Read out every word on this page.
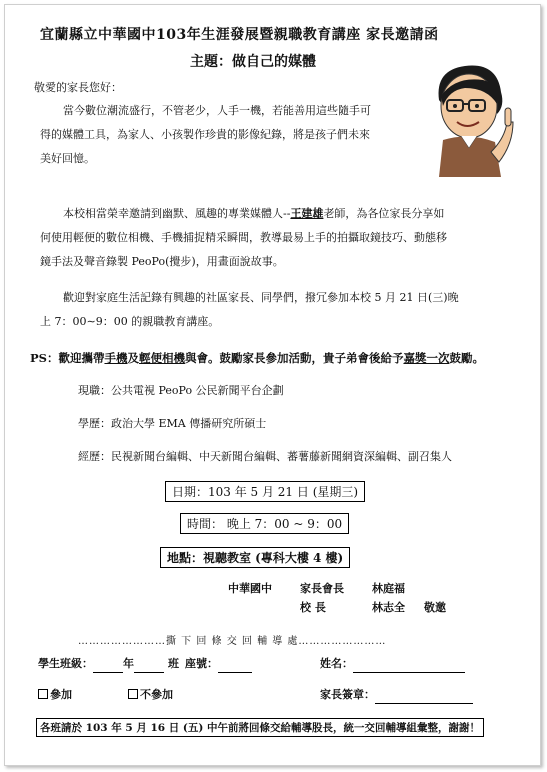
宜蘭縣立中華國中103年生涯發展暨親職教育講座 家長邀請函
主題：做自己的媒體
敬愛的家長您好：
當今數位潮流盛行，不管老少，人手一機，若能善用這些隨手可
得的媒體工具，為家人、小孩製作珍貴的影像紀錄，將是孩子們未來
美好回憶。
本校相當榮幸邀請到幽默、風趣的專業媒體人--王建雄老師，為各位家長分享如
何使用輕便的數位相機、手機捕捉精采瞬間，教導最易上手的拍攝取鏡技巧、動態移
鏡手法及聲音錄製 PeoPo(攪步)，用畫面說故事。
歡迎對家庭生活記錄有興趣的社區家長、同學們，撥冗參加本校 5 月 21 日(三)晚
上 7：00∼9：00 的親職教育講座。
PS：歡迎攜帶手機及輕便相機與會。鼓勵家長參加活動，貴子弟會後給予嘉獎一次鼓勵。
現職：公共電視 PeoPo 公民新聞平台企劃
學歷：政治大學 EMA 傳播研究所碩士
經歷：民視新聞台編輯、中天新聞台編輯、蕃薯藤新聞網資深編輯、副召集人
日期：103 年 5 月 21 日 (星期三)
時間： 晚上 7：00 ~ 9：00
地點：視聽教室 (專科大樓 4 樓)
中華國中	家長會長	林庭福
校 長	林志全 敬邀
……………………撕 下 回 條 交 回 輔 導 處……………………
學生班級：	年	班 座號：	姓名：
參加	不參加	家長簽章：
各班請於 103 年 5 月 16 日 (五) 中午前將回條交給輔導股長，統一交回輔導組彙整，謝謝！
